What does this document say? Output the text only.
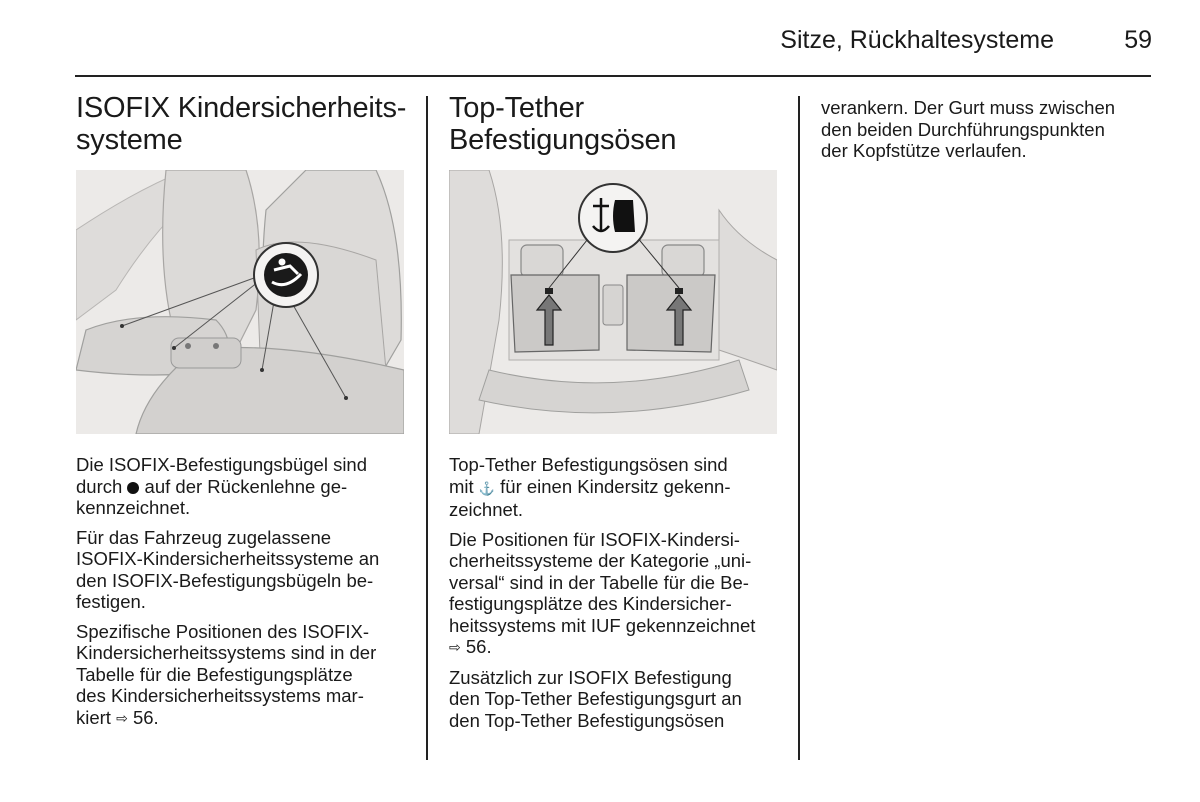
Sitze, Rückhaltesysteme	59
ISOFIX Kindersicherheits-
systeme

Die ISOFIX-Befestigungsbügel sind
durch  auf der Rückenlehne ge-
kennzeichnet.

Für das Fahrzeug zugelassene
ISOFIX-Kindersicherheitssysteme an
den ISOFIX-Befestigungsbügeln be-
festigen.

Spezifische Positionen des ISOFIX-
Kindersicherheitssystems sind in der
Tabelle für die Befestigungsplätze
des Kindersicherheitssystems mar-
kiert ⇨ 56.

Top-Tether
Befestigungsösen

Top-Tether Befestigungsösen sind
mit ⚓ für einen Kindersitz gekenn-
zeichnet.

Die Positionen für ISOFIX-Kindersi-
cherheitssysteme der Kategorie „uni-
versal“ sind in der Tabelle für die Be-
festigungsplätze des Kindersicher-
heitssystems mit IUF gekennzeichnet
⇨ 56.

Zusätzlich zur ISOFIX Befestigung
den Top-Tether Befestigungsgurt an
den Top-Tether Befestigungsösen

verankern. Der Gurt muss zwischen
den beiden Durchführungspunkten
der Kopfstütze verlaufen.
